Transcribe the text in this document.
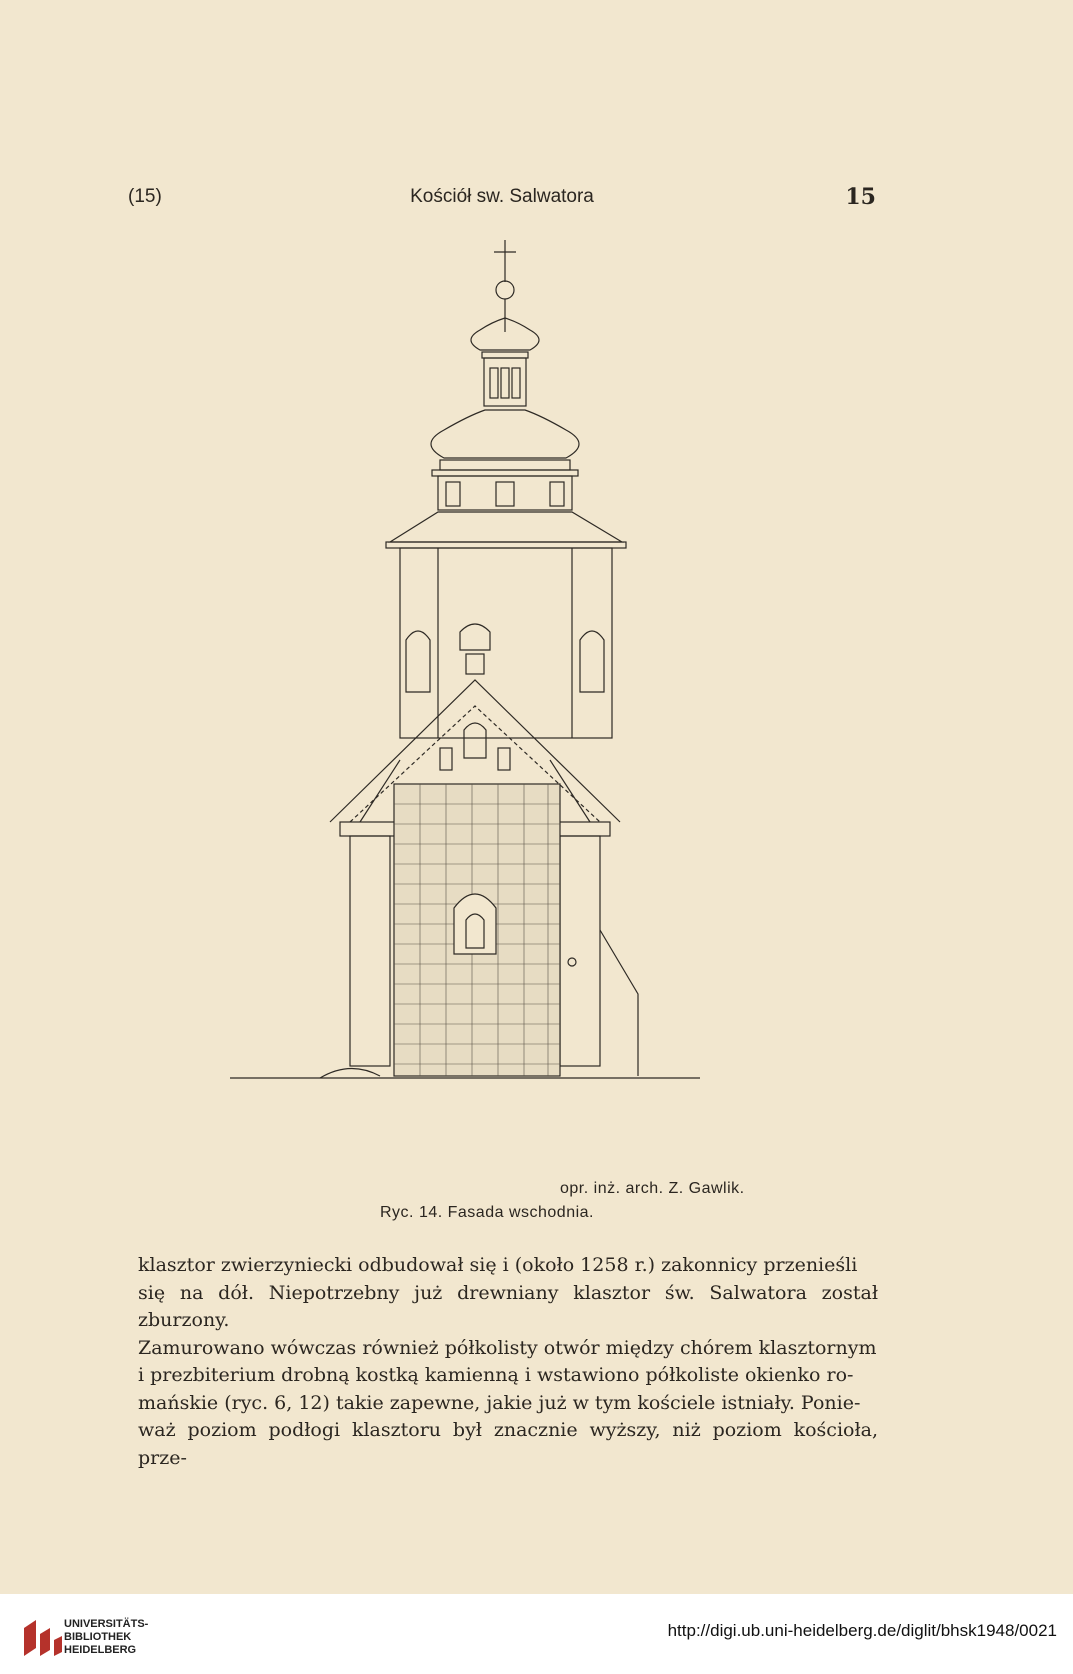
(15)	Kościół sw. Salwatora	15
opr. inż. arch. Z. Gawlik.
Ryc. 14. Fasada wschodnia.

klasztor zwierzyniecki odbudował się i (około 1258 r.) zakonnicy przenieśli

się na dół. Niepotrzebny już drewniany klasztor św. Salwatora został zburzony.

Zamurowano wówczas również półkolisty otwór między chórem klasztornym

i prezbiterium drobną kostką kamienną i wstawiono półkoliste okienko ro-

mańskie (ryc. 6, 12) takie zapewne, jakie już w tym kościele istniały. Ponie-

waż poziom podłogi klasztoru był znacznie wyższy, niż poziom kościoła, prze-

UNIVERSITÄTS-
BIBLIOTHEK
HEIDELBERG
http://digi.ub.uni-heidelberg.de/diglit/bhsk1948/0021
